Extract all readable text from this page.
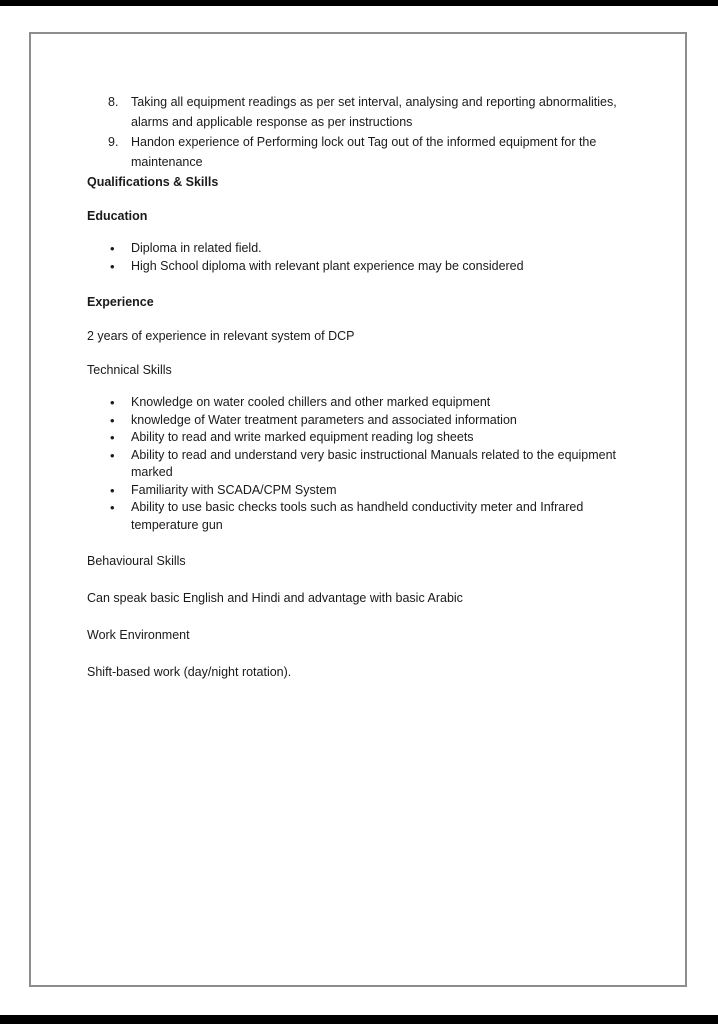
8. Taking all equipment readings as per set interval, analysing and reporting abnormalities, alarms and applicable response as per instructions
9. Handon experience of Performing lock out Tag out of the informed equipment for the maintenance

Qualifications & Skills

Education

• Diploma in related field.
• High School diploma with relevant plant experience may be considered

Experience

2 years of experience in relevant system of DCP

Technical Skills

• Knowledge on water cooled chillers and other marked equipment
• knowledge of Water treatment parameters and associated information
• Ability to read and write marked equipment reading log sheets
• Ability to read and understand very basic instructional Manuals related to the equipment marked
• Familiarity with SCADA/CPM System
• Ability to use basic checks tools such as handheld conductivity meter and Infrared temperature gun

Behavioural Skills

Can speak basic English and Hindi and advantage with basic Arabic

Work Environment

Shift-based work (day/night rotation).
